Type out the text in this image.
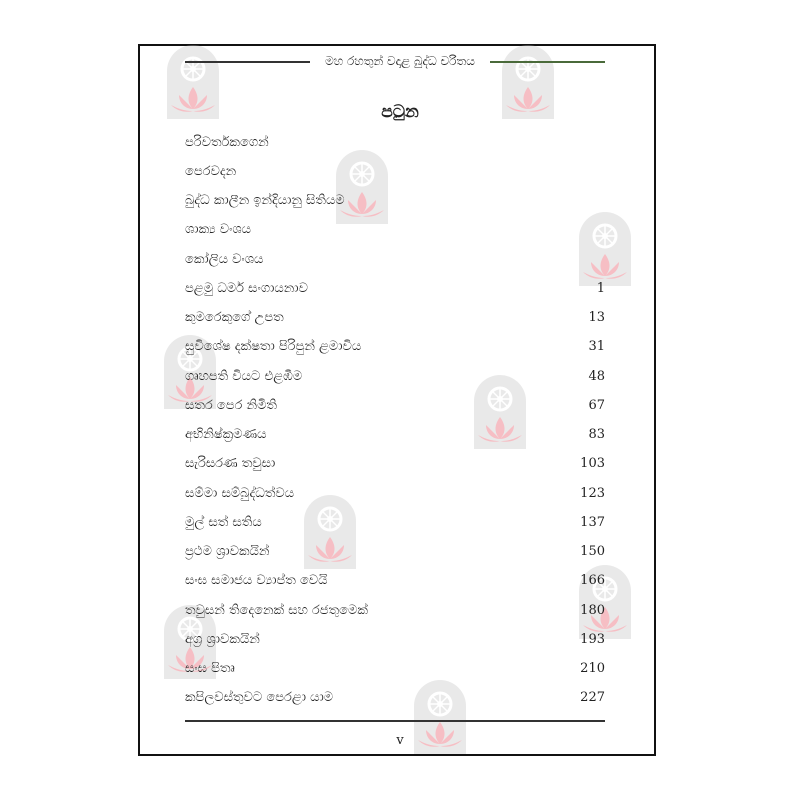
මහ රහතුන් වදාළ බුද්ධ චරිතය
පටුන
පරිවර්තකගෙන්
පෙරවදන
බුද්ධ කාලීන ඉන්දියානු සිතියම
ශාක්‍ය වංශය
කෝලිය වංශය
පළමු ධර්ම සංගායනාව	1
කුමරෙකුගේ උපත	13
සුවිශේෂ දක්ෂතා පිරිපුන් ළමාවිය	31
ගෘහපති වියට එළඹීම	48
සතර පෙර නිමිති	67
අභිනිෂ්ක්‍රමණය	83
සැරිසරණ තවුසා	103
සම්මා සම්බුද්ධත්වය	123
මුල් සත් සතිය	137
ප්‍රථම ශ්‍රාවකයින්	150
සංඝ සමාජය ව්‍යාප්ත වෙයි	166
තවුසන් තිදෙනෙක් සහ රජතුමෙක්	180
අග්‍ර ශ්‍රාවකයින්	193
සංඝ පිතෘ	210
කපිලවස්තුවට පෙරළා යාම	227
v
